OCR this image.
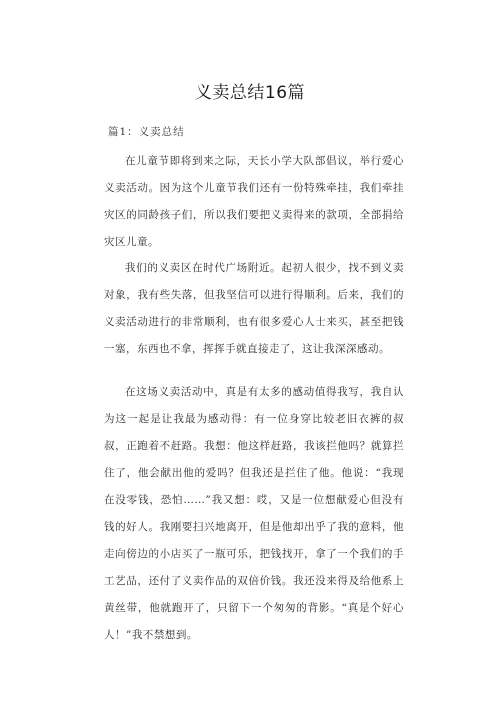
义卖总结16篇
篇1：义卖总结

在儿童节即将到来之际，天长小学大队部倡议，举行爱心义卖活动。因为这个儿童节我们还有一份特殊牵挂，我们牵挂灾区的同龄孩子们，所以我们要把义卖得来的款项，全部捐给灾区儿童。

我们的义卖区在时代广场附近。起初人很少，找不到义卖对象，我有些失落，但我坚信可以进行得顺利。后来，我们的义卖活动进行的非常顺利，也有很多爱心人士来买，甚至把钱一塞，东西也不拿，挥挥手就直接走了，这让我深深感动。

在这场义卖活动中，真是有太多的感动值得我写，我自认为这一起是让我最为感动得：有一位身穿比较老旧衣裤的叔叔，正跑着不赶路。我想：他这样赶路，我该拦他吗？就算拦住了，他会献出他的爱吗？但我还是拦住了他。他说：“我现在没零钱，恐怕……”我又想：哎，又是一位想献爱心但没有钱的好人。我刚要扫兴地离开，但是他却出乎了我的意料，他走向傍边的小店买了一瓶可乐，把钱找开，拿了一个我们的手工艺品，还付了义卖作品的双倍价钱。我还没来得及给他系上黄丝带，他就跑开了，只留下一个匆匆的背影。“真是个好心人！”我不禁想到。
